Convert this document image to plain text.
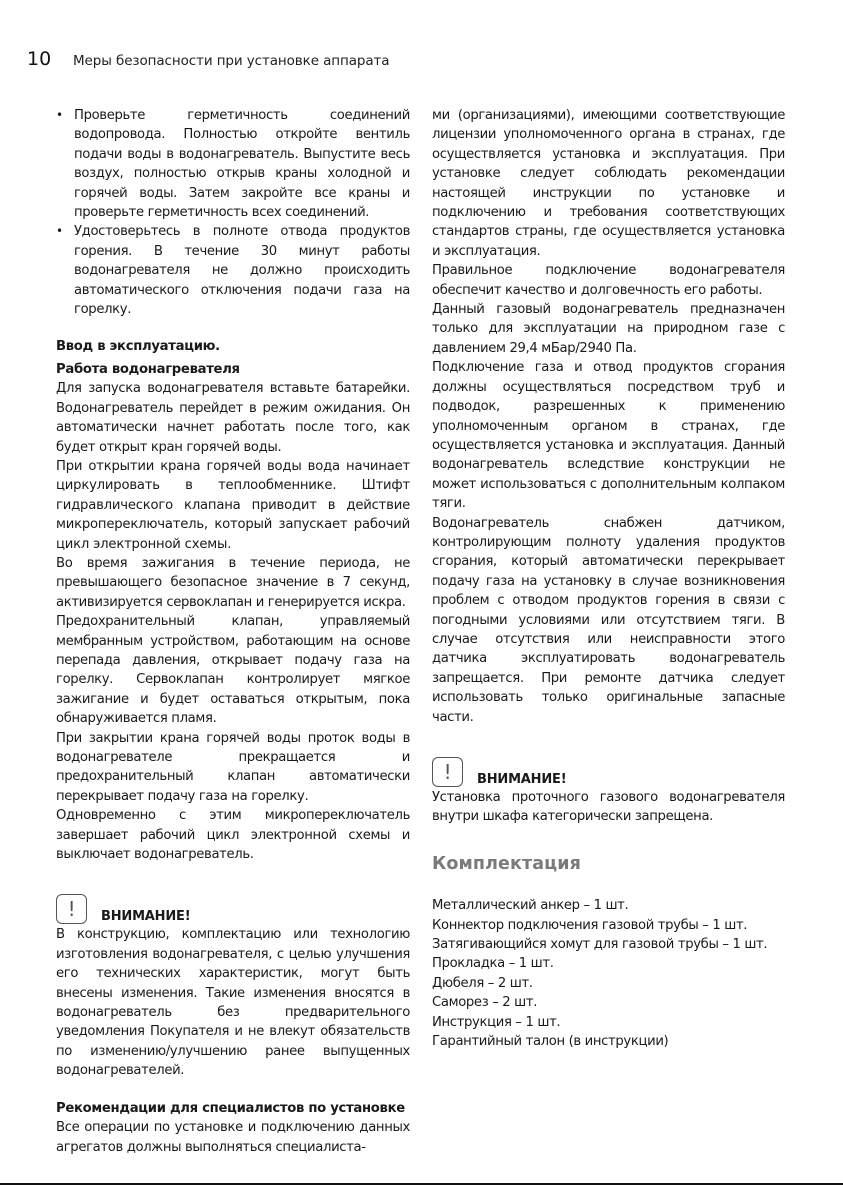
10	Меры безопасности при установке аппарата
• Проверьте герметичность соединений водопровода. Полностью откройте вентиль подачи воды в водонагреватель. Выпустите весь воздух, полностью открыв краны холодной и горячей воды. Затем закройте все краны и проверьте герметичность всех соединений.
• Удостоверьтесь в полноте отвода продуктов горения. В течение 30 минут работы водонагревателя не должно происходить автоматического отключения подачи газа на горелку.

Ввод в эксплуатацию.

Работа водонагревателя

Для запуска водонагревателя вставьте батарейки. Водонагреватель перейдет в режим ожидания. Он автоматически начнет работать после того, как будет открыт кран горячей воды.

При открытии крана горячей воды вода начинает циркулировать в теплообменнике. Штифт гидравлического клапана приводит в действие микропереключатель, который запускает рабочий цикл электронной схемы.

Во время зажигания в течение периода, не превышающего безопасное значение в 7 секунд, активизируется сервоклапан и генерируется искра.

Предохранительный клапан, управляемый мембранным устройством, работающим на основе перепада давления, открывает подачу газа на горелку. Сервоклапан контролирует мягкое зажигание и будет оставаться открытым, пока обнаруживается пламя.

При закрытии крана горячей воды проток воды в водонагревателе прекращается и предохранительный клапан автоматически перекрывает подачу газа на горелку.

Одновременно с этим микропереключатель завершает рабочий цикл электронной схемы и выключает водонагреватель.

!	ВНИМАНИЕ!

В конструкцию, комплектацию или технологию изготовления водонагревателя, с целью улучшения его технических характеристик, могут быть внесены изменения. Такие изменения вносятся в водонагреватель без предварительного уведомления Покупателя и не влекут обязательств по изменению/улучшению ранее выпущенных водонагревателей.

Рекомендации для специалистов по установке

Все операции по установке и подключению данных агрегатов должны выполняться специалиста-

ми (организациями), имеющими соответствующие лицензии уполномоченного органа в странах, где осуществляется установка и эксплуатация. При установке следует соблюдать рекомендации настоящей инструкции по установке и подключению и требования соответствующих стандартов страны, где осуществляется установка и эксплуатация.

Правильное подключение водонагревателя обеспечит качество и долговечность его работы.

Данный газовый водонагреватель предназначен только для эксплуатации на природном газе с давлением 29,4 мБар/2940 Па.

Подключение газа и отвод продуктов сгорания должны осуществляться посредством труб и подводок, разрешенных к применению уполномоченным органом в странах, где осуществляется установка и эксплуатация. Данный водонагреватель вследствие конструкции не может использоваться с дополнительным колпаком тяги.

Водонагреватель снабжен датчиком, контролирующим полноту удаления продуктов сгорания, который автоматически перекрывает подачу газа на установку в случае возникновения проблем с отводом продуктов горения в связи с погодными условиями или отсутствием тяги. В случае отсутствия или неисправности этого датчика эксплуатировать водонагреватель запрещается. При ремонте датчика следует использовать только оригинальные запасные части.

!	ВНИМАНИЕ!

Установка проточного газового водонагревателя внутри шкафа категорически запрещена.

Комплектация
Металлический анкер – 1 шт.
Коннектор подключения газовой трубы – 1 шт.
Затягивающийся хомут для газовой трубы – 1 шт.
Прокладка – 1 шт.
Дюбеля – 2 шт.
Саморез – 2 шт.
Инструкция – 1 шт.
Гарантийный талон (в инструкции)
